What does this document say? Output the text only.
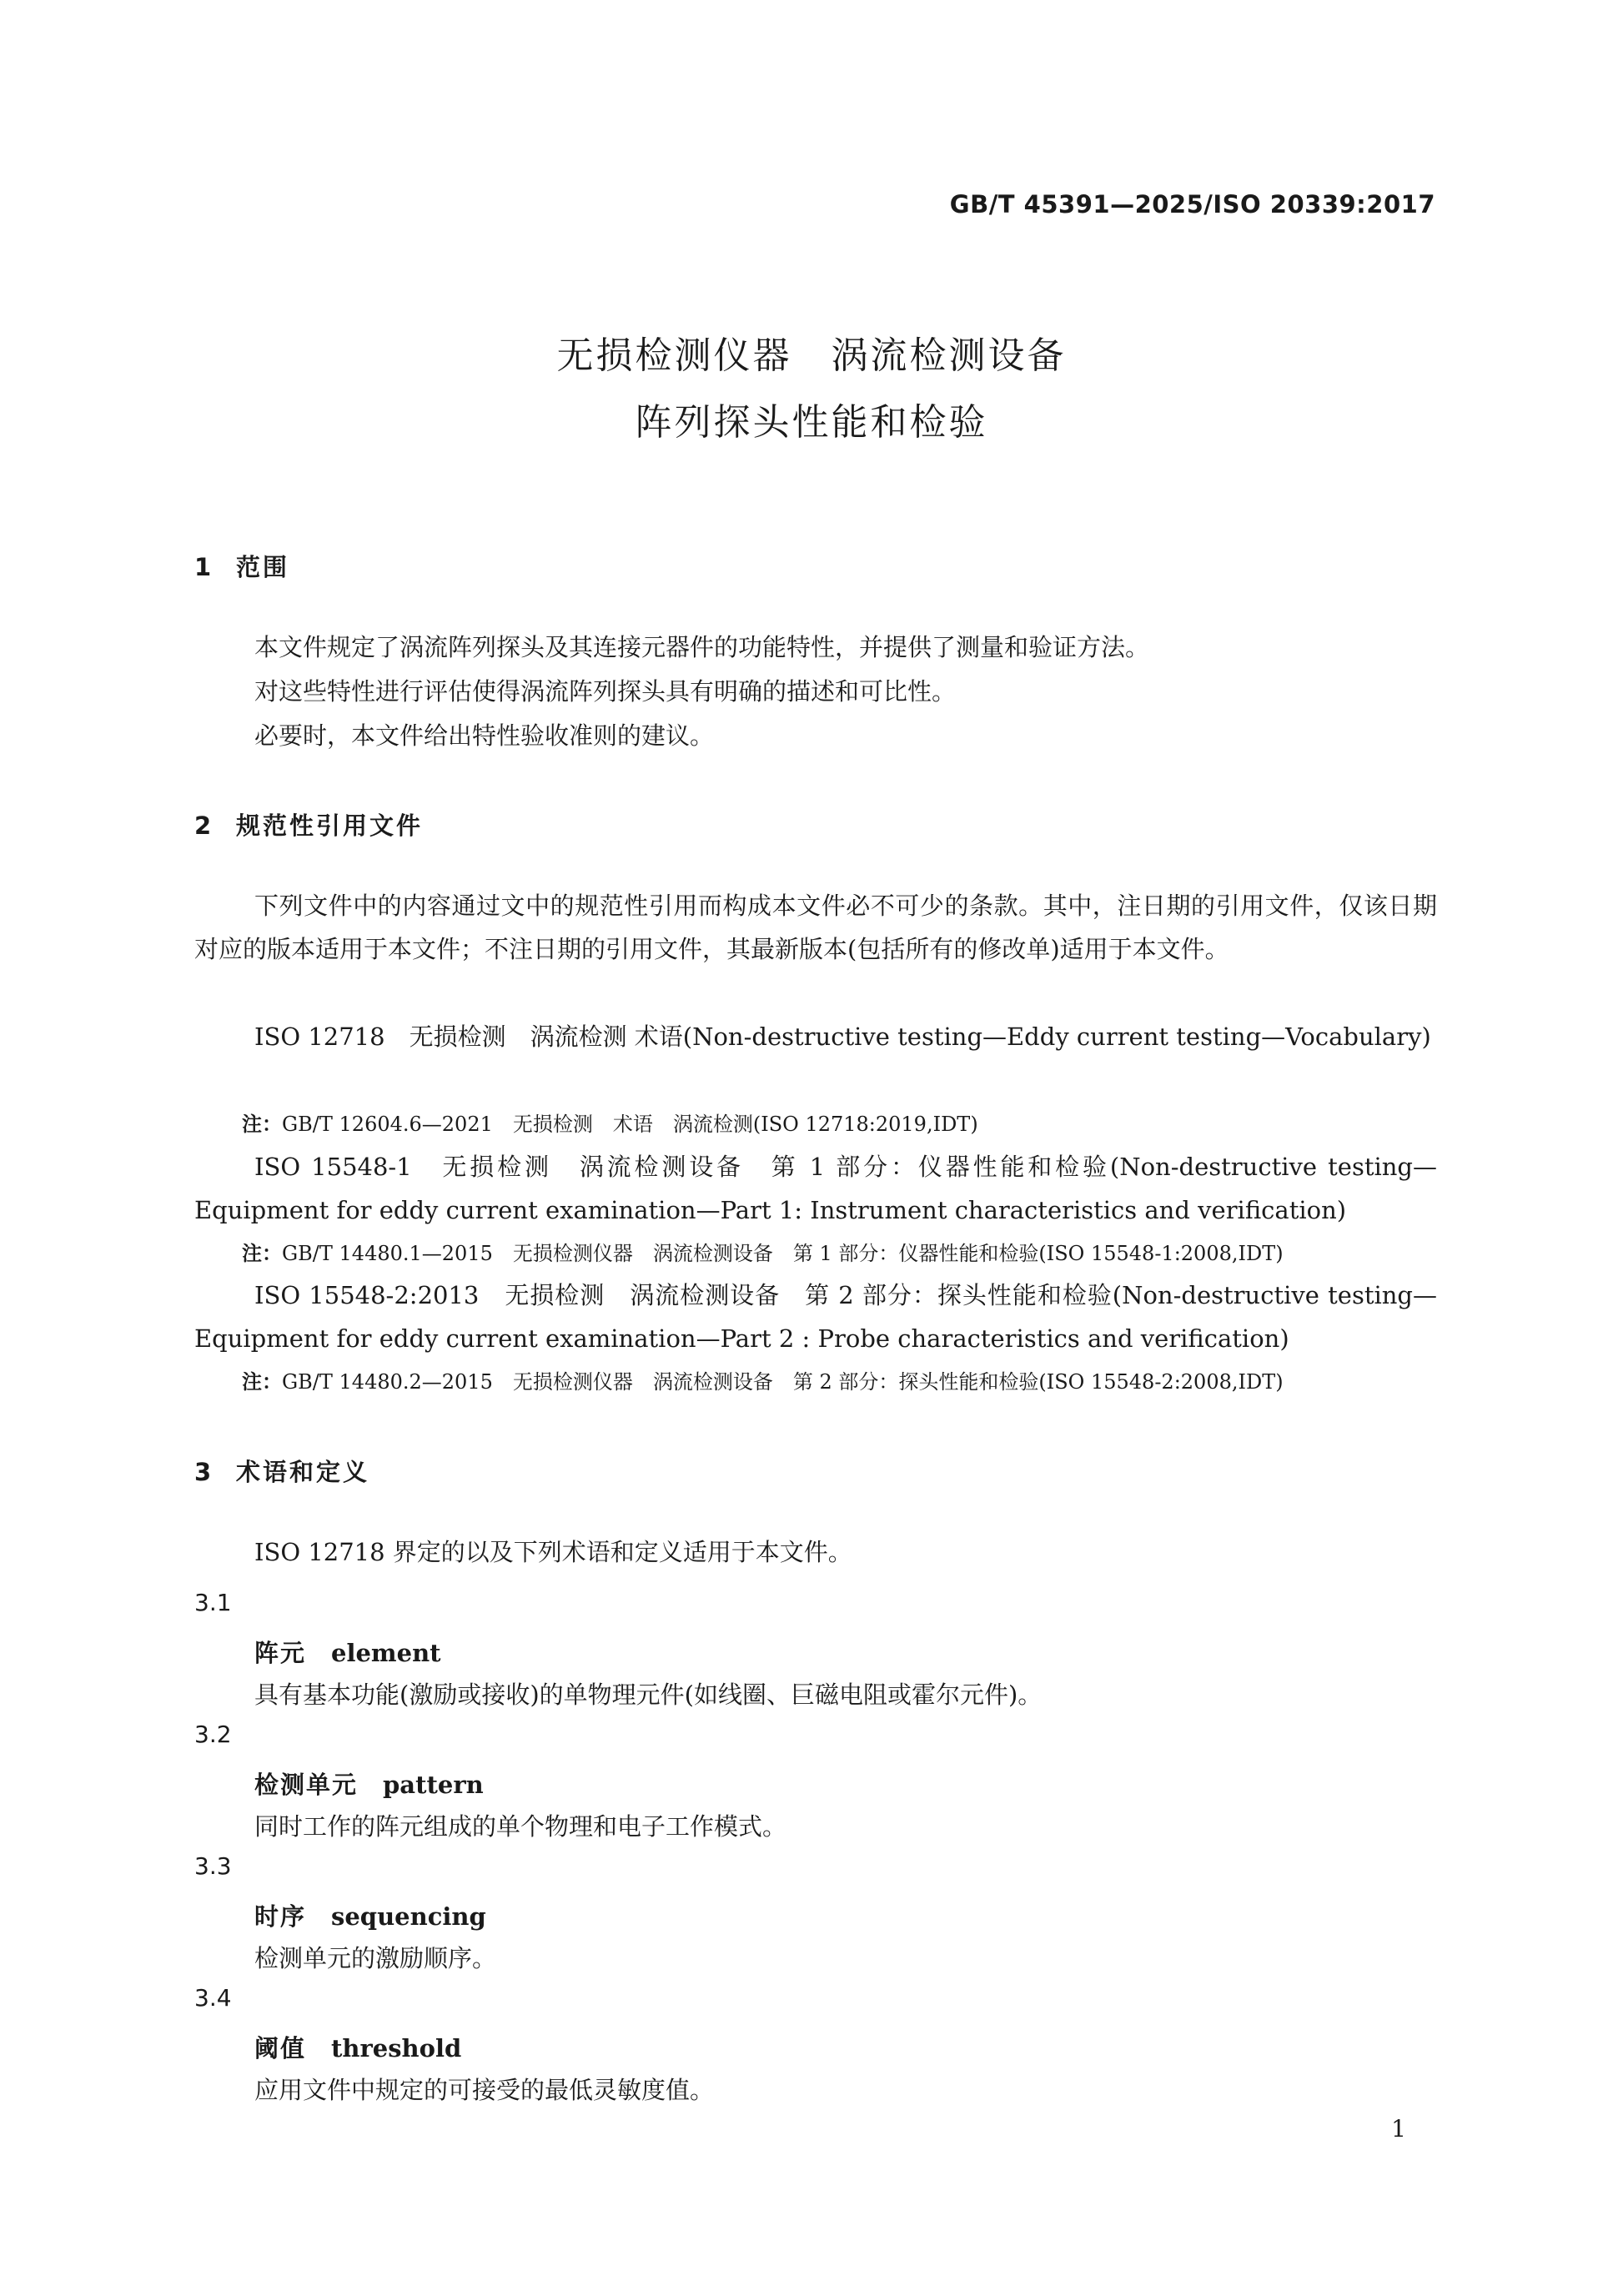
GB/T 45391—2025/ISO 20339:2017
无损检测仪器　涡流检测设备
阵列探头性能和检验
1 范围
本文件规定了涡流阵列探头及其连接元器件的功能特性，并提供了测量和验证方法。
对这些特性进行评估使得涡流阵列探头具有明确的描述和可比性。
必要时，本文件给出特性验收准则的建议。
2 规范性引用文件
下列文件中的内容通过文中的规范性引用而构成本文件必不可少的条款。其中，注日期的引用文件，仅该日期对应的版本适用于本文件；不注日期的引用文件，其最新版本(包括所有的修改单)适用于本文件。
ISO 12718　无损检测　涡流检测 术语(Non-destructive testing—Eddy current testing—Vocabulary)
注：GB/T 12604.6—2021　无损检测　术语　涡流检测(ISO 12718:2019,IDT)
ISO 15548-1　无损检测　涡流检测设备　第 1 部分：仪器性能和检验(Non-destructive testing—Equipment for eddy current examination—Part 1: Instrument characteristics and verification)
注：GB/T 14480.1—2015　无损检测仪器　涡流检测设备　第 1 部分：仪器性能和检验(ISO 15548-1:2008,IDT)
ISO 15548-2:2013　无损检测　涡流检测设备　第 2 部分：探头性能和检验(Non-destructive testing—Equipment for eddy current examination—Part 2 : Probe characteristics and verification)
注：GB/T 14480.2—2015　无损检测仪器　涡流检测设备　第 2 部分：探头性能和检验(ISO 15548-2:2008,IDT)
3 术语和定义
ISO 12718 界定的以及下列术语和定义适用于本文件。
3.1
阵元 element
具有基本功能(激励或接收)的单物理元件(如线圈、巨磁电阻或霍尔元件)。
3.2
检测单元 pattern
同时工作的阵元组成的单个物理和电子工作模式。
3.3
时序 sequencing
检测单元的激励顺序。
3.4
阈值 threshold
应用文件中规定的可接受的最低灵敏度值。
1
